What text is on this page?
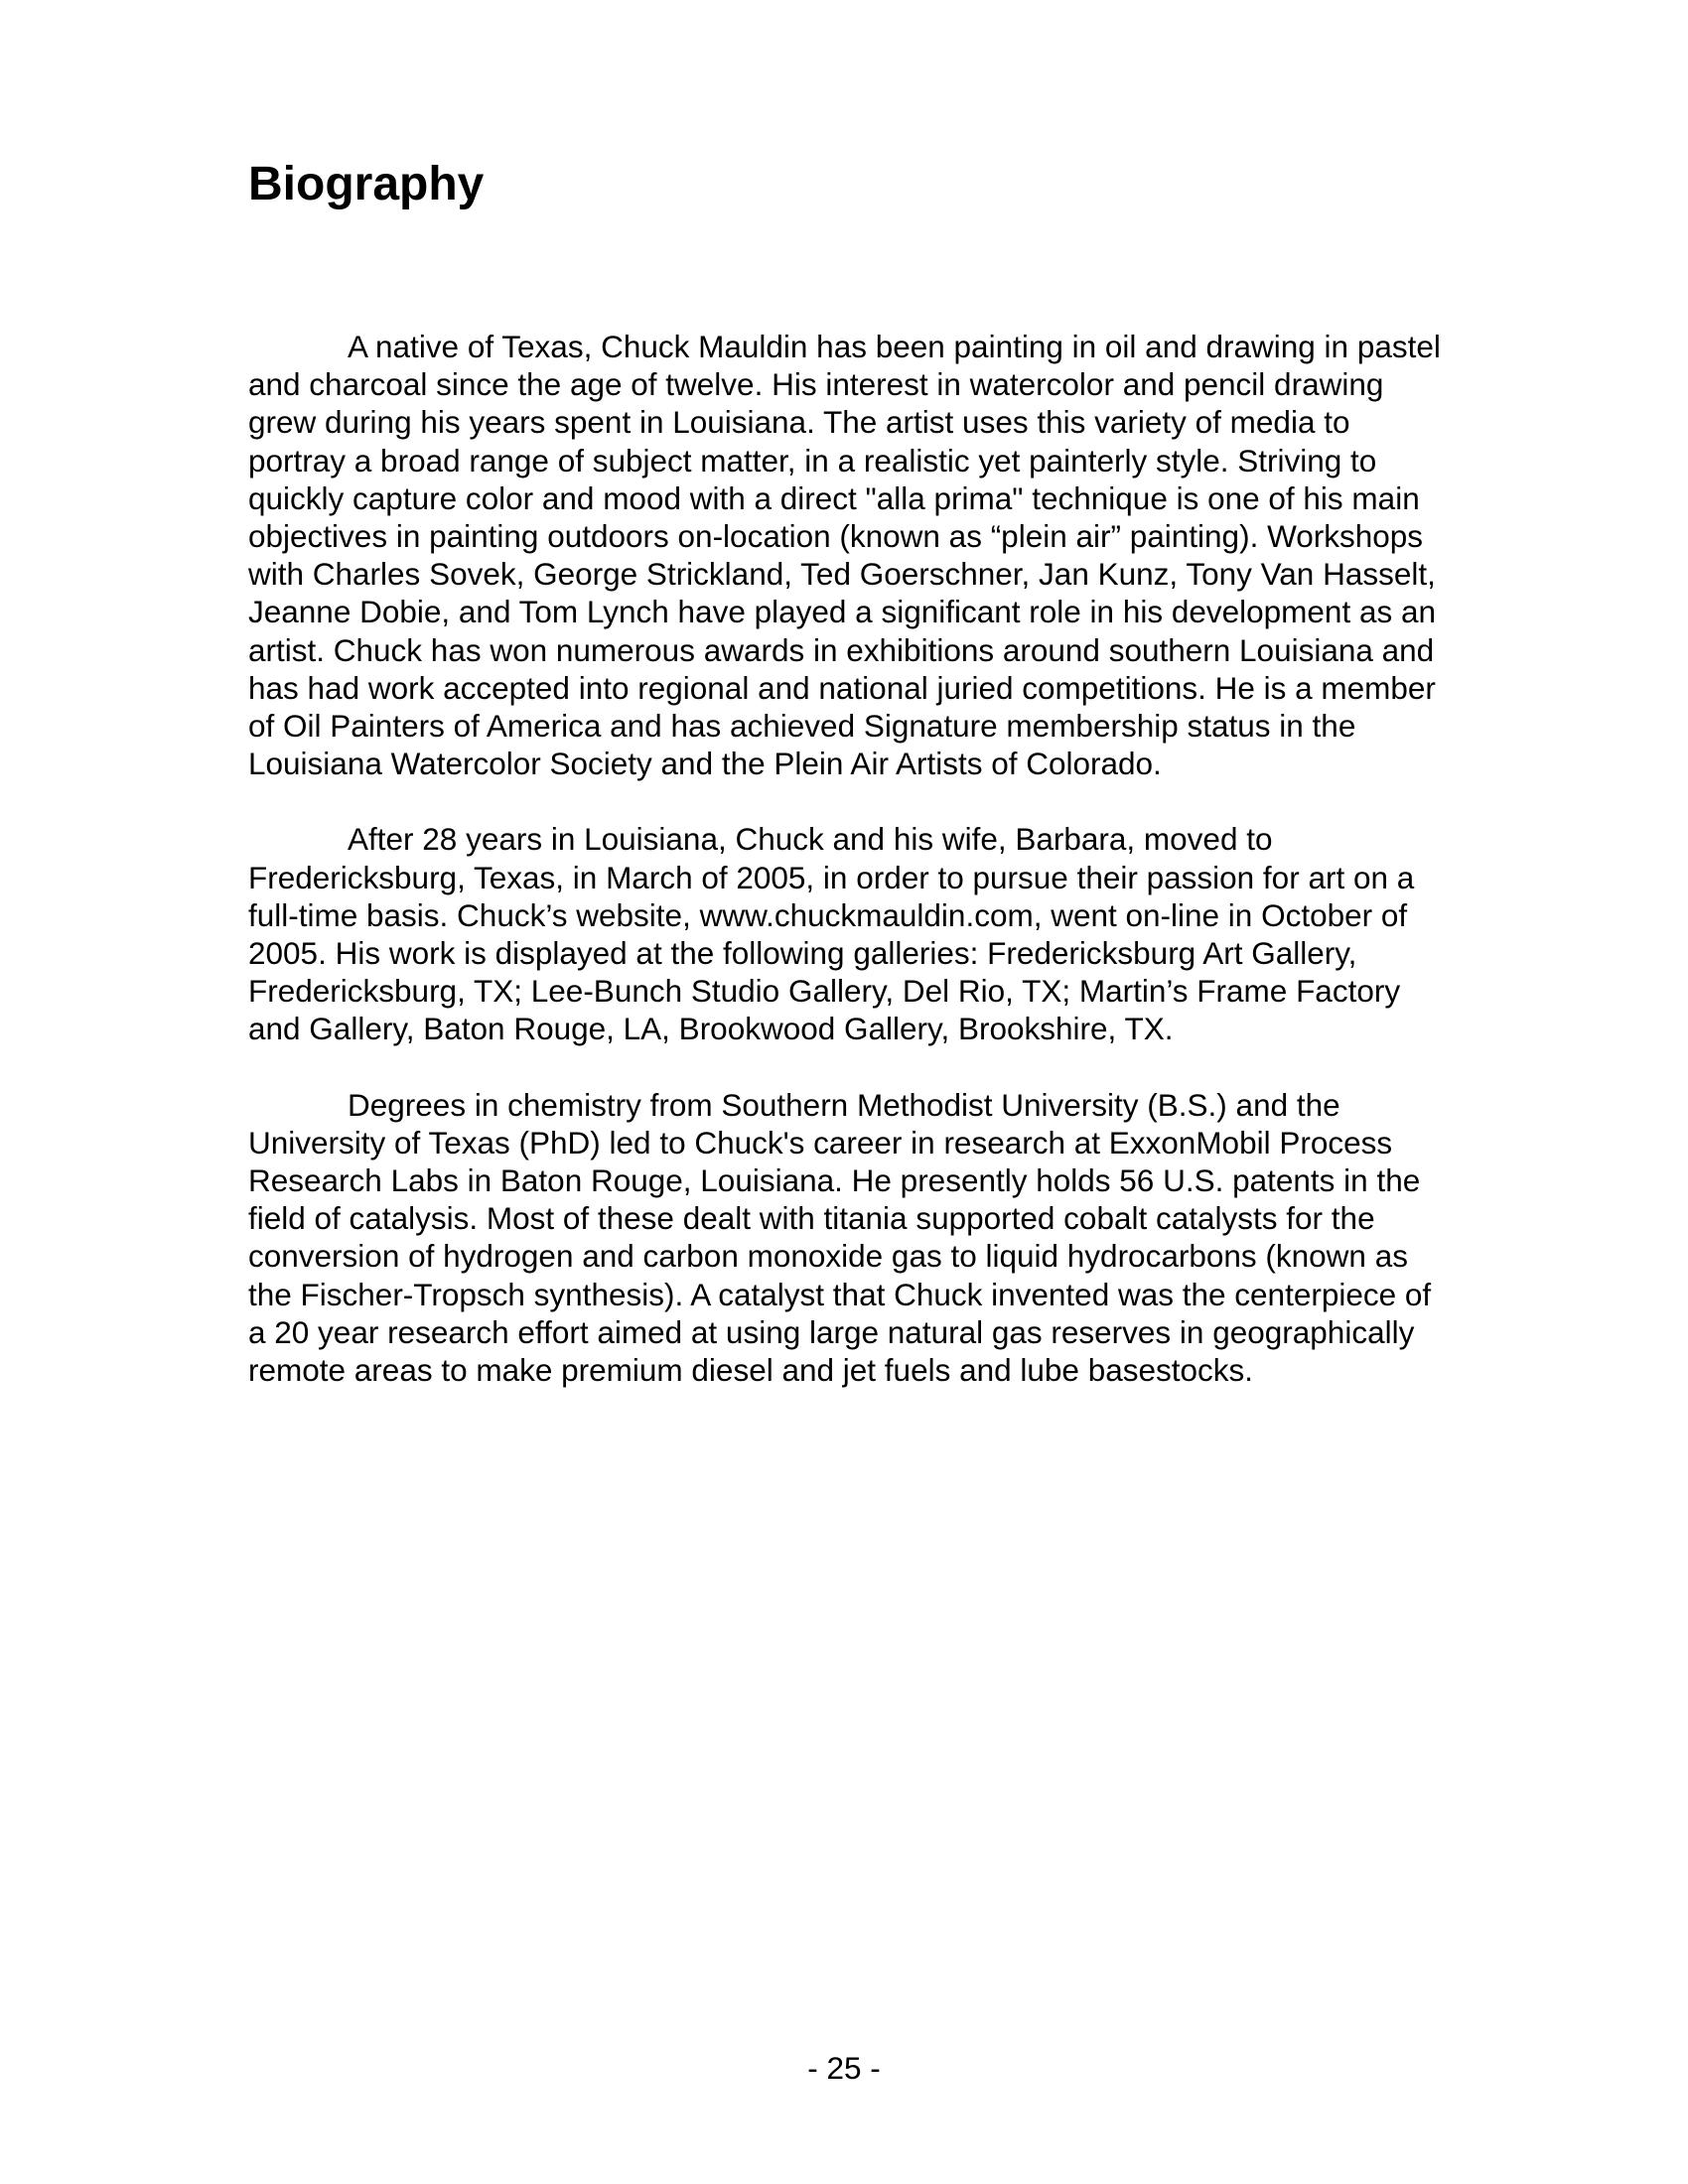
Biography

A native of Texas, Chuck Mauldin has been painting in oil and drawing in pastel and charcoal since the age of twelve. His interest in watercolor and pencil drawing grew during his years spent in Louisiana. The artist uses this variety of media to portray a broad range of subject matter, in a realistic yet painterly style. Striving to quickly capture color and mood with a direct "alla prima" technique is one of his main objectives in painting outdoors on-location (known as “plein air” painting). Workshops with Charles Sovek, George Strickland, Ted Goerschner, Jan Kunz, Tony Van Hasselt, Jeanne Dobie, and Tom Lynch have played a significant role in his development as an artist. Chuck has won numerous awards in exhibitions around southern Louisiana and has had work accepted into regional and national juried competitions. He is a member of Oil Painters of America and has achieved Signature membership status in the Louisiana Watercolor Society and the Plein Air Artists of Colorado.

After 28 years in Louisiana, Chuck and his wife, Barbara, moved to Fredericksburg, Texas, in March of 2005, in order to pursue their passion for art on a full-time basis. Chuck’s website, www.chuckmauldin.com, went on-line in October of 2005. His work is displayed at the following galleries: Fredericksburg Art Gallery, Fredericksburg, TX; Lee-Bunch Studio Gallery, Del Rio, TX; Martin’s Frame Factory and Gallery, Baton Rouge, LA, Brookwood Gallery, Brookshire, TX.

Degrees in chemistry from Southern Methodist University (B.S.) and the University of Texas (PhD) led to Chuck's career in research at ExxonMobil Process Research Labs in Baton Rouge, Louisiana. He presently holds 56 U.S. patents in the field of catalysis. Most of these dealt with titania supported cobalt catalysts for the conversion of hydrogen and carbon monoxide gas to liquid hydrocarbons (known as the Fischer-Tropsch synthesis). A catalyst that Chuck invented was the centerpiece of a 20 year research effort aimed at using large natural gas reserves in geographically remote areas to make premium diesel and jet fuels and lube basestocks.

- 25 -
